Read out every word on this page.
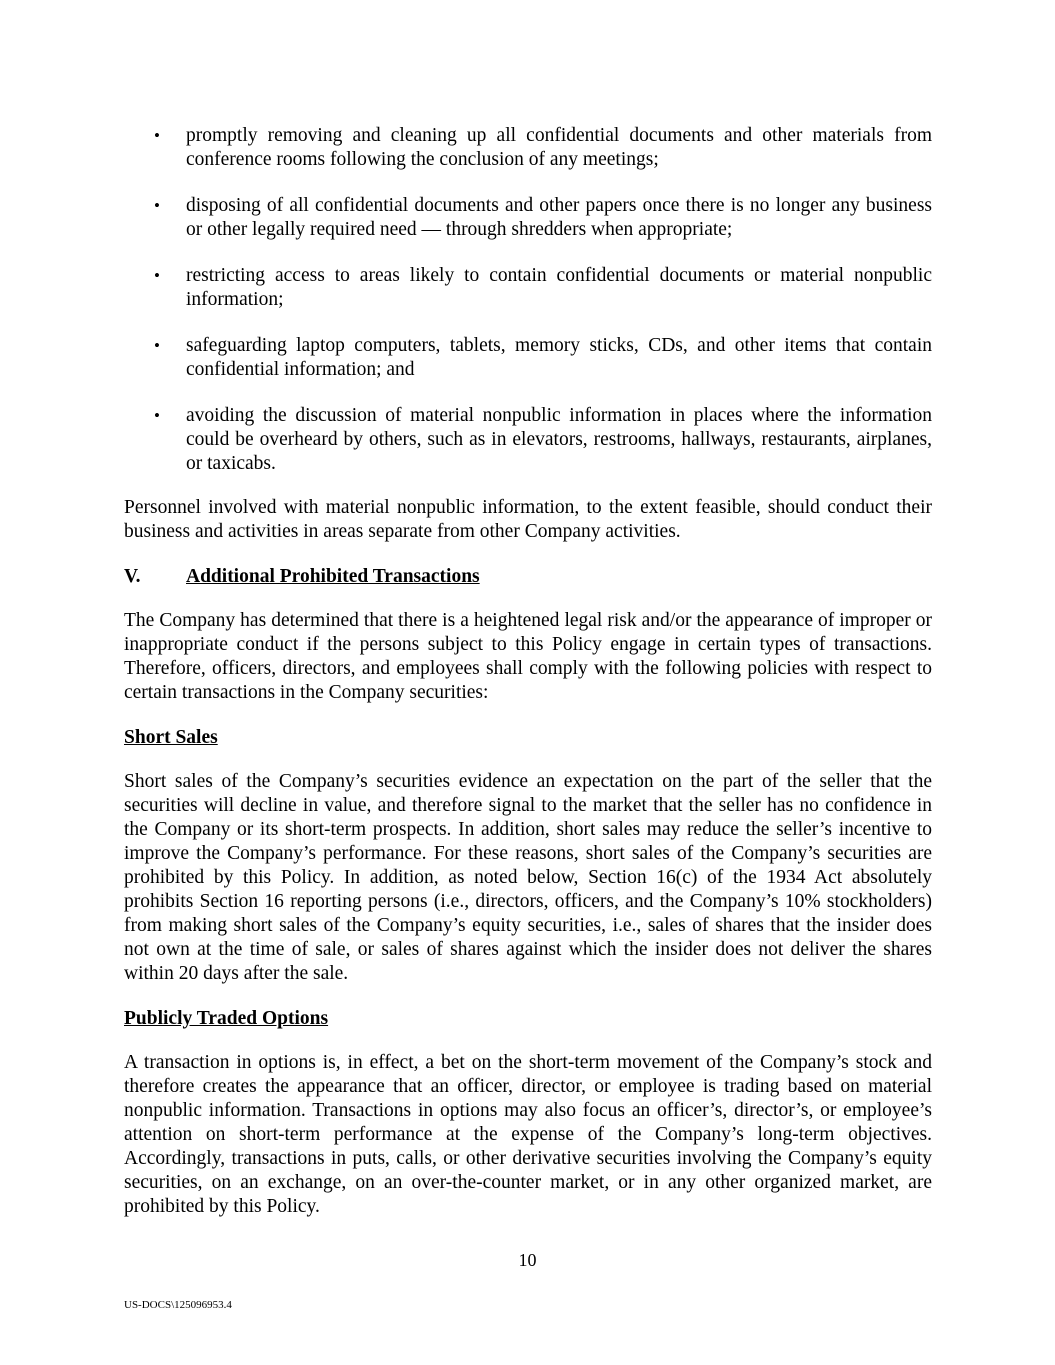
• promptly removing and cleaning up all confidential documents and other materials from conference rooms following the conclusion of any meetings;
• disposing of all confidential documents and other papers once there is no longer any business or other legally required need — through shredders when appropriate;
• restricting access to areas likely to contain confidential documents or material nonpublic information;
• safeguarding laptop computers, tablets, memory sticks, CDs, and other items that contain confidential information; and
• avoiding the discussion of material nonpublic information in places where the information could be overheard by others, such as in elevators, restrooms, hallways, restaurants, airplanes, or taxicabs.

Personnel involved with material nonpublic information, to the extent feasible, should conduct their business and activities in areas separate from other Company activities.

V.	Additional Prohibited Transactions

The Company has determined that there is a heightened legal risk and/or the appearance of improper or inappropriate conduct if the persons subject to this Policy engage in certain types of transactions. Therefore, officers, directors, and employees shall comply with the following policies with respect to certain transactions in the Company securities:

Short Sales

Short sales of the Company’s securities evidence an expectation on the part of the seller that the securities will decline in value, and therefore signal to the market that the seller has no confidence in the Company or its short-term prospects. In addition, short sales may reduce the seller’s incentive to improve the Company’s performance. For these reasons, short sales of the Company’s securities are prohibited by this Policy. In addition, as noted below, Section 16(c) of the 1934 Act absolutely prohibits Section 16 reporting persons (i.e., directors, officers, and the Company’s 10% stockholders) from making short sales of the Company’s equity securities, i.e., sales of shares that the insider does not own at the time of sale, or sales of shares against which the insider does not deliver the shares within 20 days after the sale.

Publicly Traded Options

A transaction in options is, in effect, a bet on the short-term movement of the Company’s stock and therefore creates the appearance that an officer, director, or employee is trading based on material nonpublic information. Transactions in options may also focus an officer’s, director’s, or employee’s attention on short-term performance at the expense of the Company’s long-term objectives. Accordingly, transactions in puts, calls, or other derivative securities involving the Company’s equity securities, on an exchange, on an over-the-counter market, or in any other organized market, are prohibited by this Policy.

10
US-DOCS\125096953.4
